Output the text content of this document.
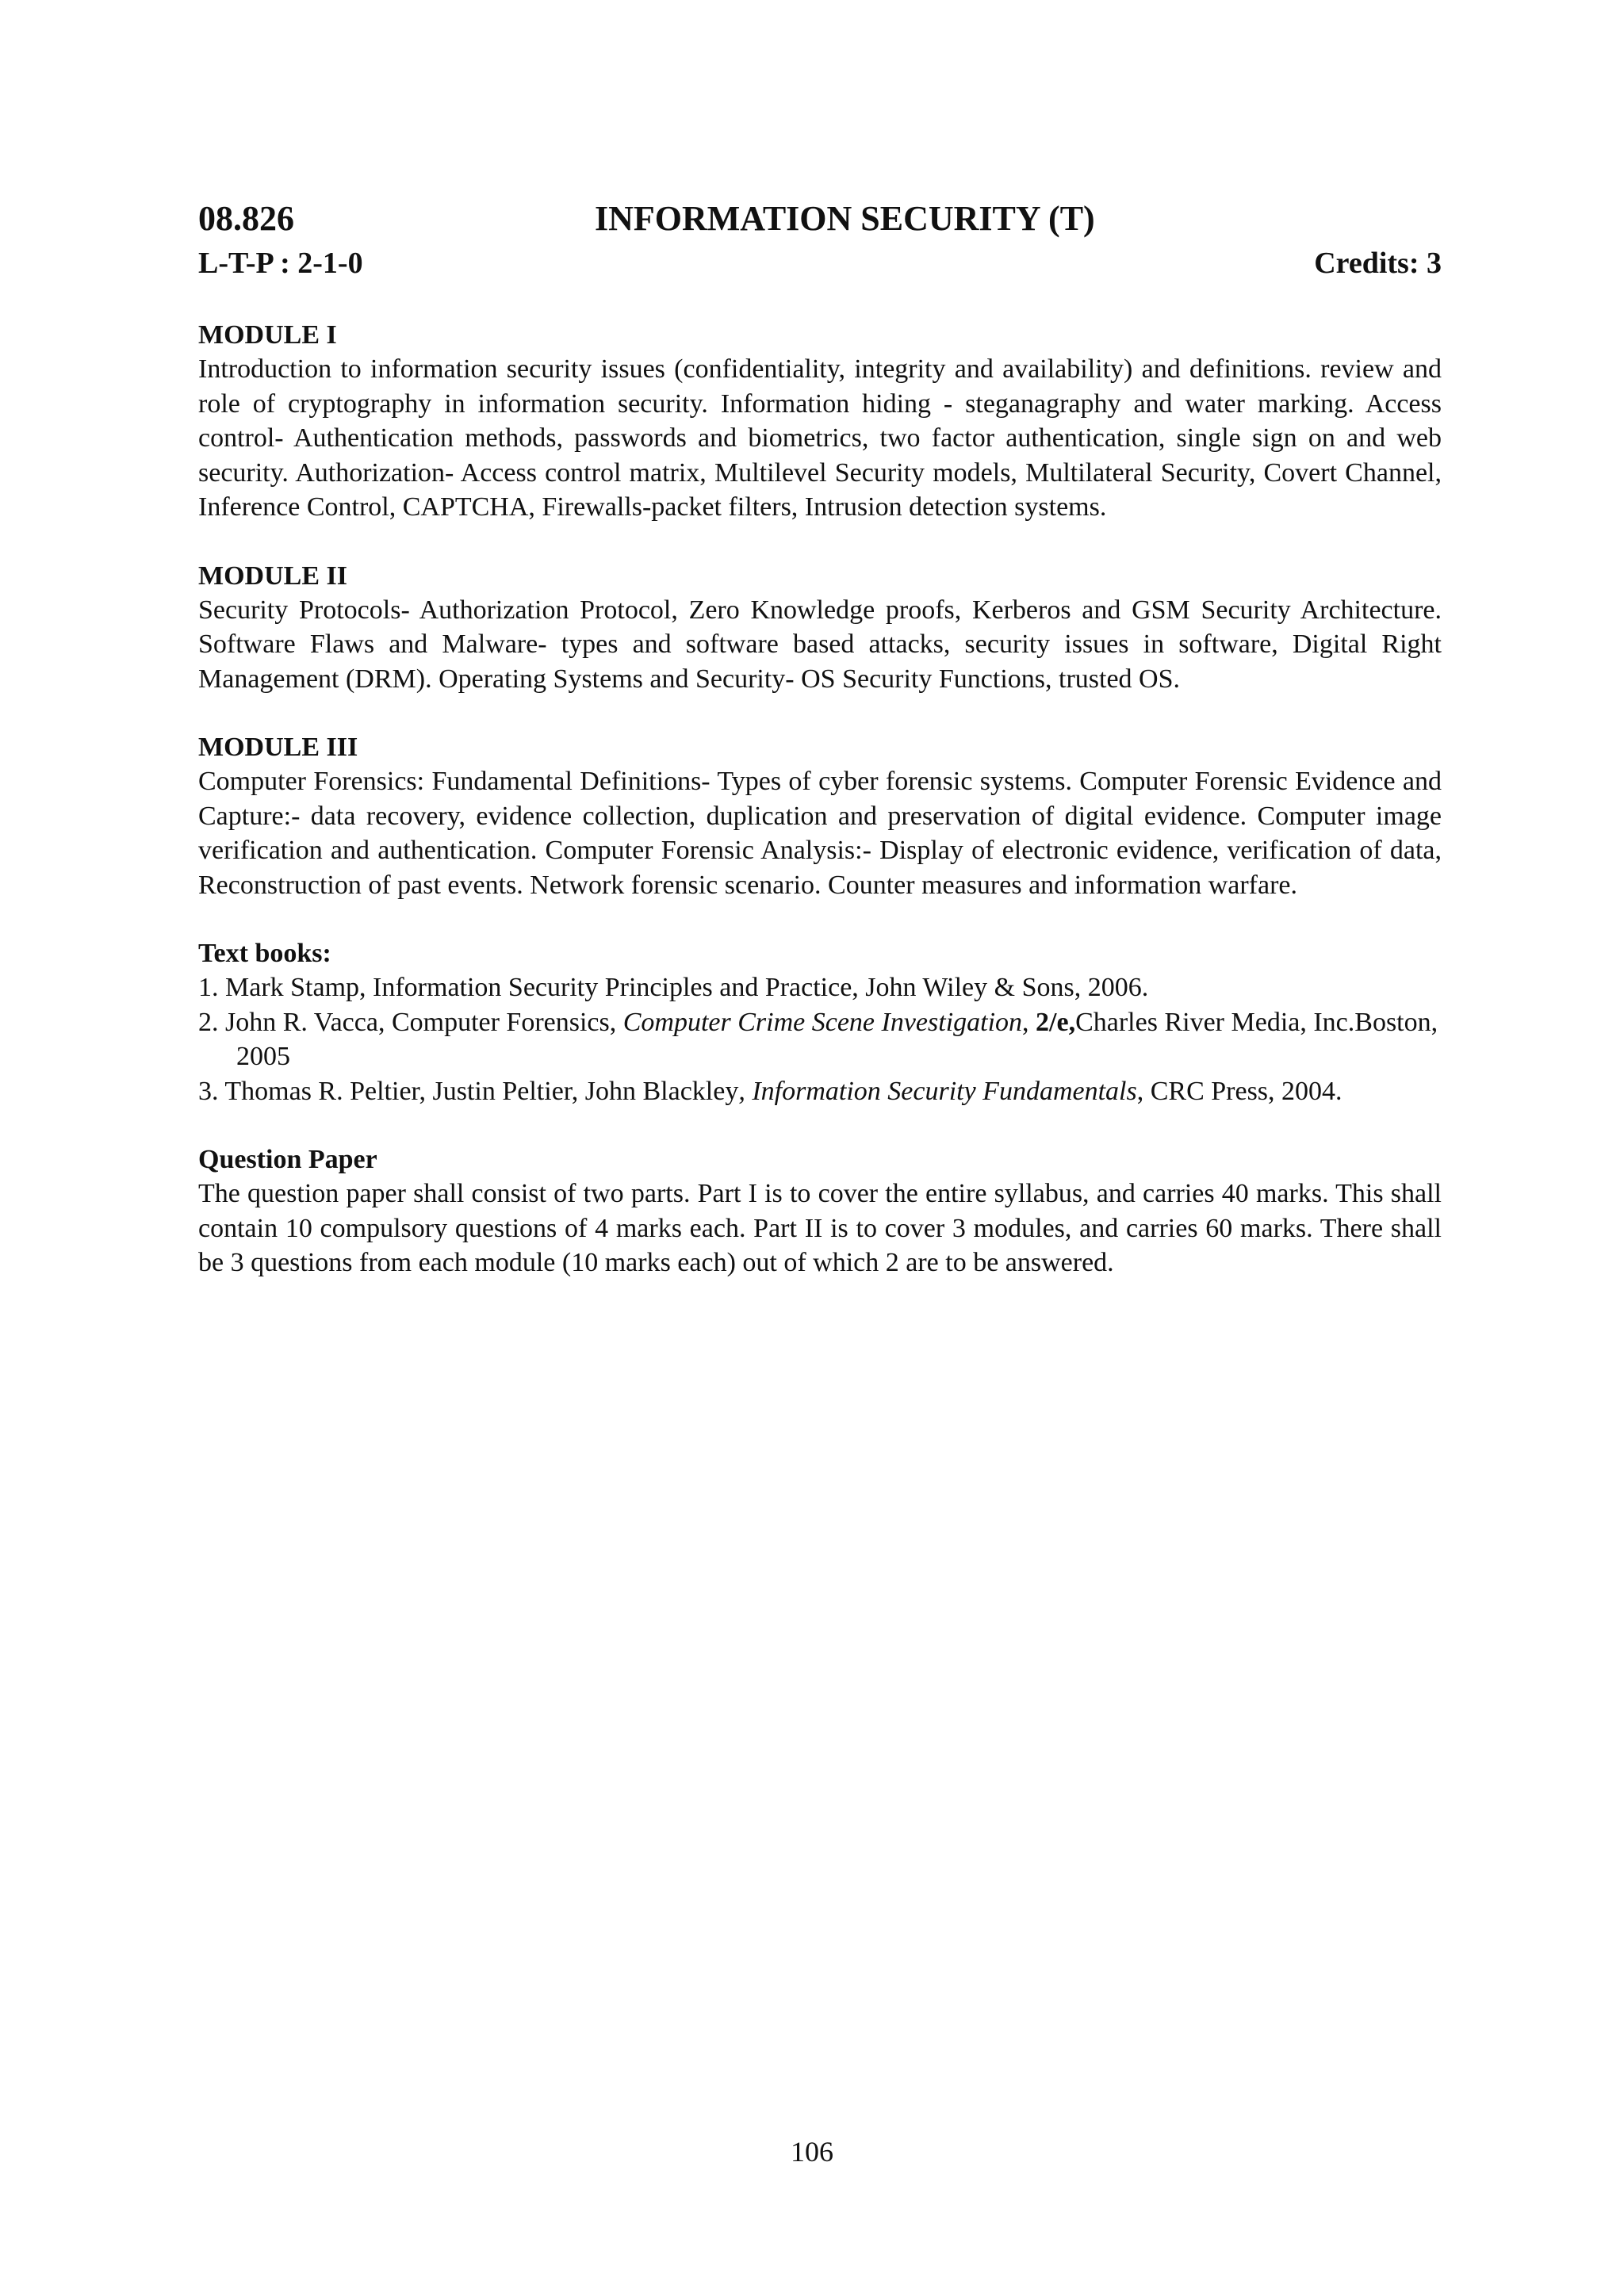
08.826	INFORMATION SECURITY (T)
L-T-P : 2-1-0	Credits: 3

MODULE I

Introduction to information security issues (confidentiality, integrity and availability) and definitions. review and role of cryptography in information security. Information hiding - steganagraphy and water marking. Access control- Authentication methods, passwords and biometrics, two factor authentication, single sign on and web security. Authorization- Access control matrix, Multilevel Security models, Multilateral Security, Covert Channel, Inference Control, CAPTCHA, Firewalls-packet filters, Intrusion detection systems.

MODULE II

Security Protocols- Authorization Protocol, Zero Knowledge proofs, Kerberos and GSM Security Architecture. Software Flaws and Malware- types and software based attacks, security issues in software, Digital Right Management (DRM). Operating Systems and Security- OS Security Functions, trusted OS.

MODULE III

Computer Forensics: Fundamental Definitions- Types of cyber forensic systems. Computer Forensic Evidence and Capture:- data recovery, evidence collection, duplication and preservation of digital evidence. Computer image verification and authentication. Computer Forensic Analysis:- Display of electronic evidence, verification of data, Reconstruction of past events. Network forensic scenario. Counter measures and information warfare.

Text books:

1. Mark Stamp, Information Security Principles and Practice, John Wiley & Sons, 2006.
2. John R. Vacca, Computer Forensics, Computer Crime Scene Investigation, 2/e,Charles River Media, Inc.Boston, 2005
3. Thomas R. Peltier, Justin Peltier, John Blackley, Information Security Fundamentals, CRC Press, 2004.

Question Paper

The question paper shall consist of two parts. Part I is to cover the entire syllabus, and carries 40 marks. This shall contain 10 compulsory questions of 4 marks each. Part II is to cover 3 modules, and carries 60 marks. There shall be 3 questions from each module (10 marks each) out of which 2 are to be answered.

106
